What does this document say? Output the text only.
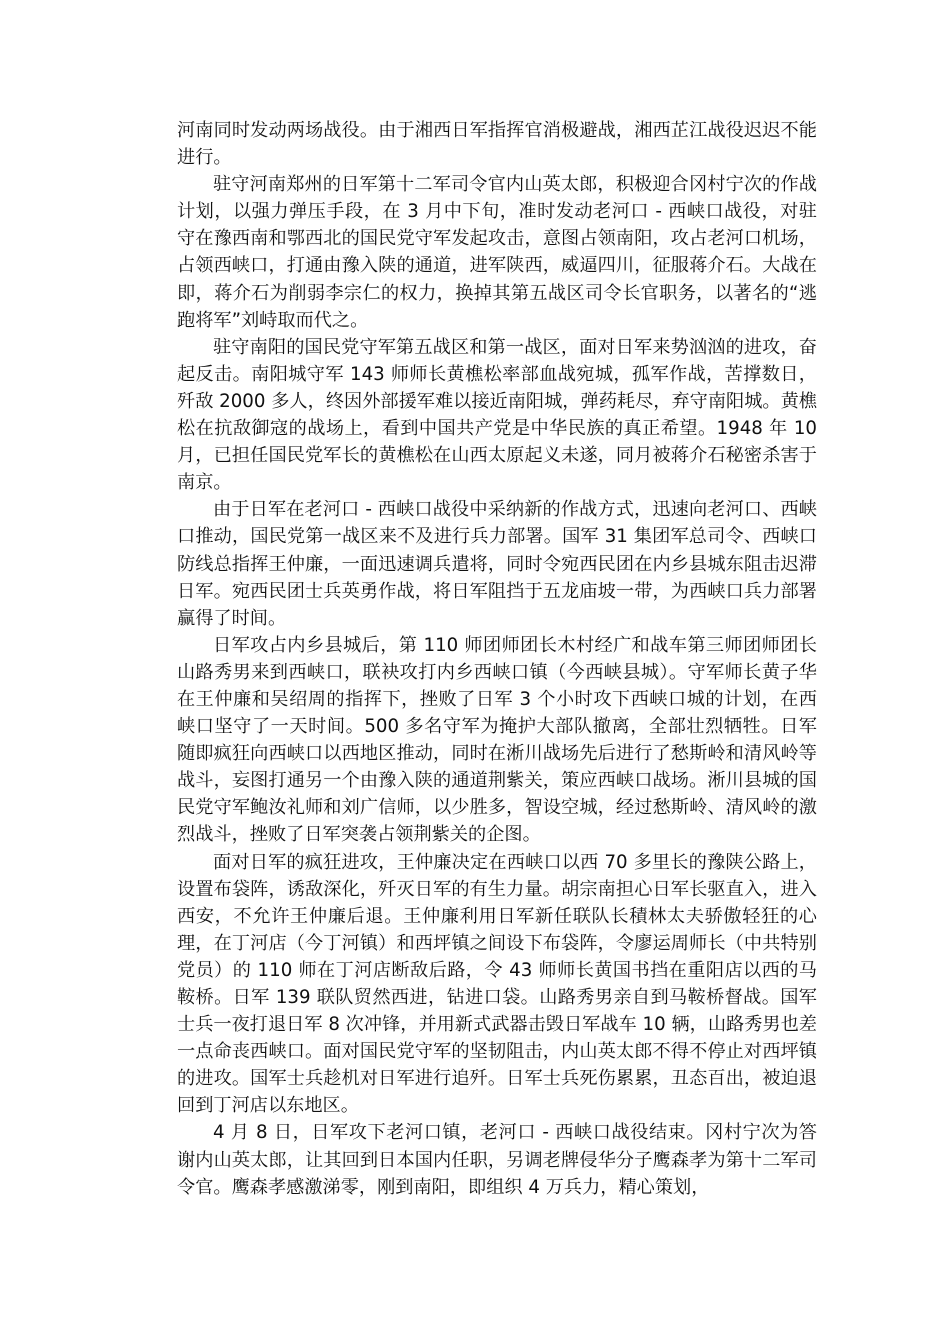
河南同时发动两场战役。由于湘西日军指挥官消极避战，湘西芷江战役迟迟不能进行。

驻守河南郑州的日军第十二军司令官内山英太郎，积极迎合冈村宁次的作战计划，以强力弹压手段，在 3 月中下旬，准时发动老河口 - 西峡口战役，对驻守在豫西南和鄂西北的国民党守军发起攻击，意图占领南阳，攻占老河口机场，占领西峡口，打通由豫入陕的通道，进军陕西，威逼四川，征服蒋介石。大战在即，蒋介石为削弱李宗仁的权力，换掉其第五战区司令长官职务，以著名的“逃跑将军”刘峙取而代之。

驻守南阳的国民党守军第五战区和第一战区，面对日军来势汹汹的进攻，奋起反击。南阳城守军 143 师师长黄樵松率部血战宛城，孤军作战，苦撑数日，歼敌 2000 多人，终因外部援军难以接近南阳城，弹药耗尽，弃守南阳城。黄樵松在抗敌御寇的战场上，看到中国共产党是中华民族的真正希望。1948 年 10 月，已担任国民党军长的黄樵松在山西太原起义未遂，同月被蒋介石秘密杀害于南京。

由于日军在老河口 - 西峡口战役中采纳新的作战方式，迅速向老河口、西峡口推动，国民党第一战区来不及进行兵力部署。国军 31 集团军总司令、西峡口防线总指挥王仲廉，一面迅速调兵遣将，同时令宛西民团在内乡县城东阻击迟滞日军。宛西民团士兵英勇作战，将日军阻挡于五龙庙坡一带，为西峡口兵力部署赢得了时间。

日军攻占内乡县城后，第 110 师团师团长木村经广和战车第三师团师团长山路秀男来到西峡口，联袂攻打内乡西峡口镇（今西峡县城）。守军师长黄子华在王仲廉和吴绍周的指挥下，挫败了日军 3 个小时攻下西峡口城的计划，在西峡口坚守了一天时间。500 多名守军为掩护大部队撤离，全部壮烈牺牲。日军随即疯狂向西峡口以西地区推动，同时在淅川战场先后进行了愁斯岭和清风岭等战斗，妄图打通另一个由豫入陕的通道荆紫关，策应西峡口战场。淅川县城的国民党守军鲍汝礼师和刘广信师，以少胜多，智设空城，经过愁斯岭、清风岭的激烈战斗，挫败了日军突袭占领荆紫关的企图。

面对日军的疯狂进攻，王仲廉决定在西峡口以西 70 多里长的豫陕公路上，设置布袋阵，诱敌深化，歼灭日军的有生力量。胡宗南担心日军长驱直入，进入西安，不允许王仲廉后退。王仲廉利用日军新任联队长積林太夫骄傲轻狂的心理，在丁河店（今丁河镇）和西坪镇之间设下布袋阵，令廖运周师长（中共特别党员）的 110 师在丁河店断敌后路，令 43 师师长黄国书挡在重阳店以西的马鞍桥。日军 139 联队贸然西进，钻进口袋。山路秀男亲自到马鞍桥督战。国军士兵一夜打退日军 8 次冲锋，并用新式武器击毁日军战车 10 辆，山路秀男也差一点命丧西峡口。面对国民党守军的坚韧阻击，内山英太郎不得不停止对西坪镇的进攻。国军士兵趁机对日军进行追歼。日军士兵死伤累累，丑态百出，被迫退回到丁河店以东地区。

4 月 8 日，日军攻下老河口镇，老河口 - 西峡口战役结束。冈村宁次为答谢内山英太郎，让其回到日本国内任职，另调老牌侵华分子鹰森孝为第十二军司令官。鹰森孝感激涕零，刚到南阳，即组织 4 万兵力，精心策划，
